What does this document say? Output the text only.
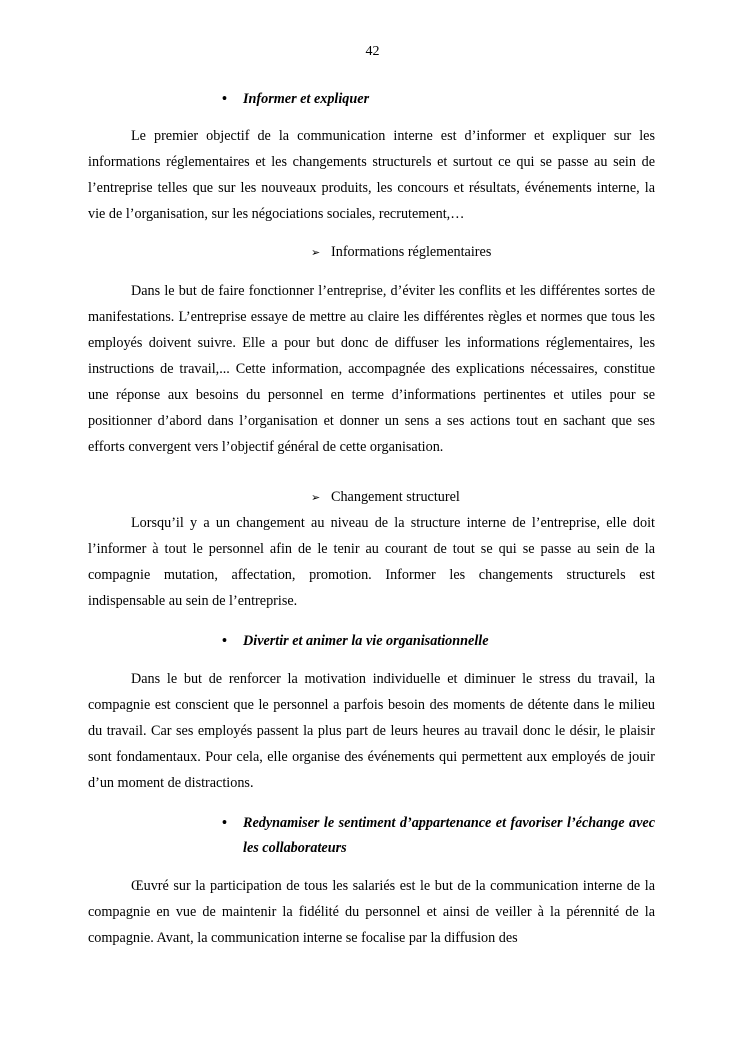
42
• Informer et expliquer

Le premier objectif de la communication interne est d’informer et expliquer sur les informations réglementaires et les changements structurels et surtout ce qui se passe au sein de l’entreprise telles que sur les nouveaux produits, les concours et résultats, événements interne, la vie de l’organisation, sur les négociations sociales, recrutement,…

➢ Informations réglementaires

Dans le but de faire fonctionner l’entreprise, d’éviter les conflits et les différentes sortes de manifestations. L’entreprise essaye de mettre au claire les différentes règles et normes que tous les employés doivent suivre. Elle a pour but donc de diffuser les informations réglementaires, les instructions de travail,... Cette information, accompagnée des explications nécessaires, constitue une réponse aux besoins du personnel en terme d’informations pertinentes et utiles pour se positionner d’abord dans l’organisation et donner un sens a ses actions tout en sachant que ses efforts convergent vers l’objectif général de cette organisation.

➢ Changement structurel

Lorsqu’il y a un changement au niveau de la structure interne de l’entreprise, elle doit l’informer à tout le personnel afin de le tenir au courant de tout se qui se passe au sein de la compagnie mutation, affectation, promotion. Informer les changements structurels est indispensable au sein de l’entreprise.

• Divertir et animer la vie organisationnelle

Dans le but de renforcer la motivation individuelle et diminuer le stress du travail, la compagnie est conscient que le personnel a parfois besoin des moments de détente dans le milieu du travail. Car ses employés passent la plus part de leurs heures au travail donc le désir, le plaisir sont fondamentaux. Pour cela, elle organise des événements qui permettent aux employés de jouir d’un moment de distractions.

• Redynamiser le sentiment d’appartenance et favoriser l’échange avec les collaborateurs

Œuvré sur la participation de tous les salariés est le but de la communication interne de la compagnie en vue de maintenir la fidélité du personnel et ainsi de veiller à la pérennité de la compagnie. Avant, la communication interne se focalise par la diffusion des
